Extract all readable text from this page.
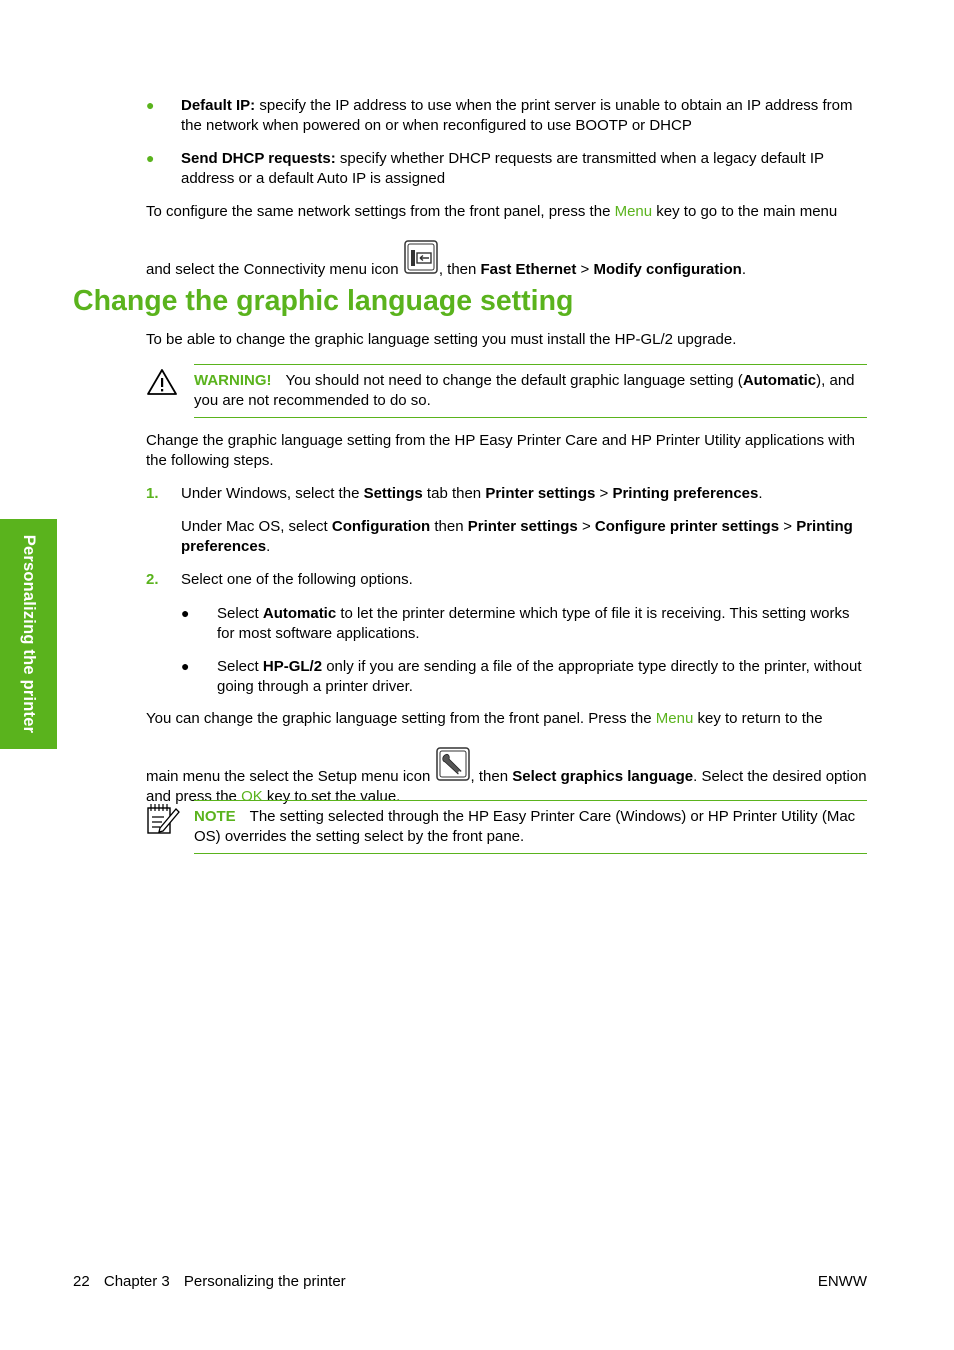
Personalizing the printer
● Default IP: specify the IP address to use when the print server is unable to obtain an IP address from the network when powered on or when reconfigured to use BOOTP or DHCP
● Send DHCP requests: specify whether DHCP requests are transmitted when a legacy default IP address or a default Auto IP is assigned
To configure the same network settings from the front panel, press the Menu key to go to the main menu
and select the Connectivity menu icon , then Fast Ethernet > Modify configuration.
Change the graphic language setting
To be able to change the graphic language setting you must install the HP-GL/2 upgrade.
WARNING! You should not need to change the default graphic language setting (Automatic), and you are not recommended to do so.
Change the graphic language setting from the HP Easy Printer Care and HP Printer Utility applications with the following steps.
1. Under Windows, select the Settings tab then Printer settings > Printing preferences.
Under Mac OS, select Configuration then Printer settings > Configure printer settings > Printing preferences.
2. Select one of the following options.
● Select Automatic to let the printer determine which type of file it is receiving. This setting works for most software applications.
● Select HP-GL/2 only if you are sending a file of the appropriate type directly to the printer, without going through a printer driver.
You can change the graphic language setting from the front panel. Press the Menu key to return to the
main menu the select the Setup menu icon , then Select graphics language. Select the desired option and press the OK key to set the value.
NOTE The setting selected through the HP Easy Printer Care (Windows) or HP Printer Utility (Mac OS) overrides the setting select by the front pane.
22 Chapter 3 Personalizing the printer	ENWW
